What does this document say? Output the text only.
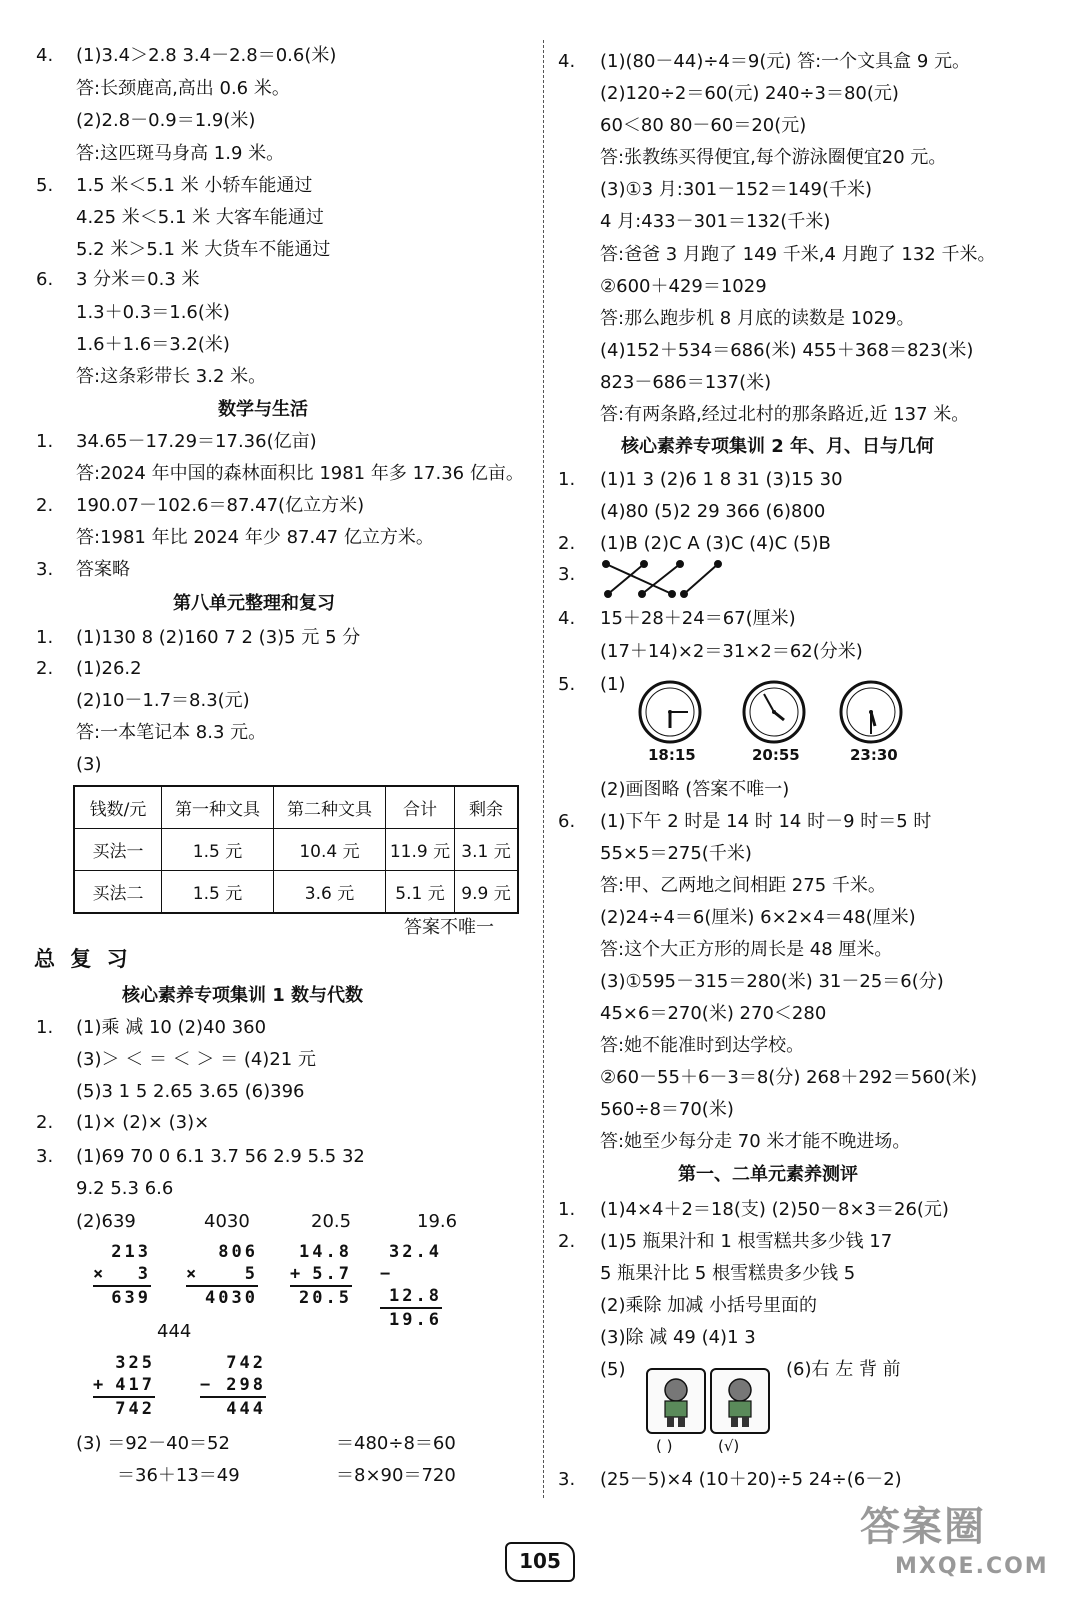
4. (1)3.4＞2.8 3.4－2.8＝0.6(米)
答:长颈鹿高,高出 0.6 米。
(2)2.8－0.9＝1.9(米)
答:这匹斑马身高 1.9 米。
5. 1.5 米＜5.1 米 小轿车能通过
4.25 米＜5.1 米 大客车能通过
5.2 米＞5.1 米 大货车不能通过
6. 3 分米＝0.3 米
1.3＋0.3＝1.6(米)
1.6＋1.6＝3.2(米)
答:这条彩带长 3.2 米。
数学与生活
1. 34.65－17.29＝17.36(亿亩)
答:2024 年中国的森林面积比 1981 年多 17.36 亿亩。
2. 190.07－102.6＝87.47(亿立方米)
答:1981 年比 2024 年少 87.47 亿立方米。
3. 答案略
第八单元整理和复习
1. (1)130 8 (2)160 7 2 (3)5 元 5 分
2. (1)26.2
(2)10－1.7＝8.3(元)
答:一本笔记本 8.3 元。
(3)
钱数/元	第一种文具	第二种文具	合计	剩余
买法一	1.5 元	10.4 元	11.9 元	3.1 元
买法二	1.5 元	3.6 元	5.1 元	9.9 元
答案不唯一
总 复 习
核心素养专项集训 1 数与代数
1. (1)乘 减 10 (2)40 360
(3)＞ ＜ ＝ ＜ ＞ ＝ (4)21 元
(5)3 1 5 2.65 3.65 (6)396
2. (1)× (2)× (3)×
3. (1)69 70 0 6.1 3.7 56 2.9 5.5 32
9.2 5.3 6.6
(2)639	4030	20.5	19.6
213
× 3
639
806
×	5
4030
14.8
+ 5.7
20.5
32.4
−
12.8
19.6
444
325
+ 417
742
742
− 298
444
(3) ＝92－40＝52	＝480÷8＝60
＝36＋13＝49	＝8×90＝720
4. (1)(80－44)÷4＝9(元) 答:一个文具盒 9 元。
(2)120÷2＝60(元) 240÷3＝80(元)
60＜80 80－60＝20(元)
答:张教练买得便宜,每个游泳圈便宜20 元。
(3)①3 月:301－152＝149(千米)
4 月:433－301＝132(千米)
答:爸爸 3 月跑了 149 千米,4 月跑了 132 千米。
②600＋429＝1029
答:那么跑步机 8 月底的读数是 1029。
(4)152＋534＝686(米) 455＋368＝823(米)
823－686＝137(米)
答:有两条路,经过北村的那条路近,近 137 米。
核心素养专项集训 2 年、月、日与几何
1. (1)1 3 (2)6 1 8 31 (3)15 30
(4)80 (5)2 29 366 (6)800
2. (1)B (2)C A (3)C (4)C (5)B
3.
4. 15＋28＋24＝67(厘米)
(17＋14)×2＝31×2＝62(分米)
5. (1)
18:15	20:55	23:30
(2)画图略 (答案不唯一)
6. (1)下午 2 时是 14 时 14 时－9 时＝5 时
55×5＝275(千米)
答:甲、乙两地之间相距 275 千米。
(2)24÷4＝6(厘米) 6×2×4＝48(厘米)
答:这个大正方形的周长是 48 厘米。
(3)①595－315＝280(米) 31－25＝6(分)
45×6＝270(米) 270＜280
答:她不能准时到达学校。
②60－55＋6－3＝8(分) 268＋292＝560(米)
560÷8＝70(米)
答:她至少每分走 70 米才能不晚进场。
第一、二单元素养测评
1. (1)4×4＋2＝18(支) (2)50－8×3＝26(元)
2. (1)5 瓶果汁和 1 根雪糕共多少钱 17
5 瓶果汁比 5 根雪糕贵多少钱 5
(2)乘除 加减 小括号里面的
(3)除 减 49 (4)1 3
(5)	(6)右 左 背 前
( )	(√)
3. (25－5)×4 (10＋20)÷5 24÷(6－2)
105
答案圈
MXQE.COM
